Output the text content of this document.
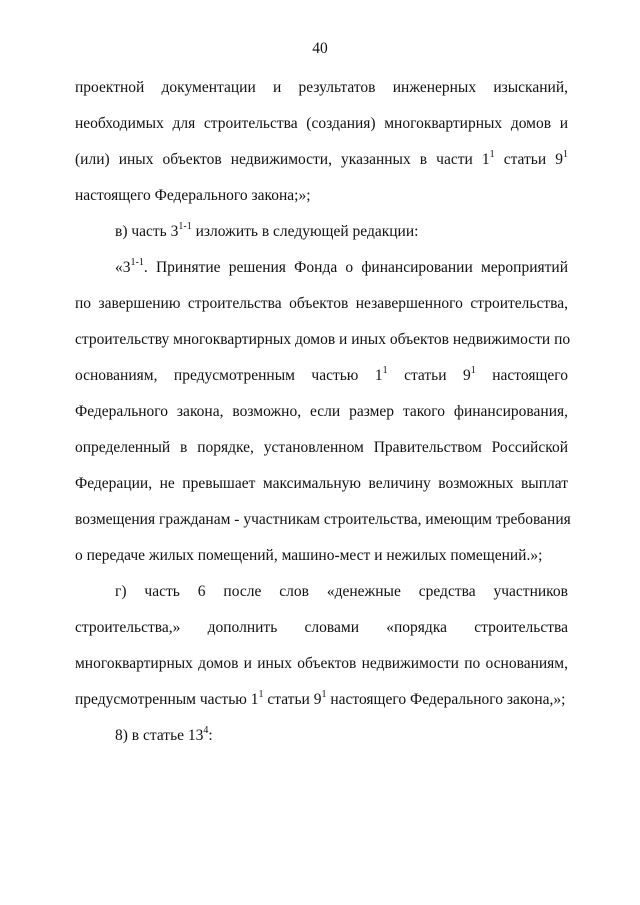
40
проектной документации и результатов инженерных изысканий,
необходимых для строительства (создания) многоквартирных домов и
(или) иных объектов недвижимости, указанных в части $1^1$ статьи $9^1$
настоящего Федерального закона;»;
в) часть 3$^{1-1}$ изложить в следующей редакции:
«3$^{1-1}$. Принятие решения Фонда о финансировании мероприятий
по завершению строительства объектов незавершенного строительства,
строительству многоквартирных домов и иных объектов недвижимости по
основаниям, предусмотренным частью $1^1$ статьи $9^1$ настоящего
Федерального закона, возможно, если размер такого финансирования,
определенный в порядке, установленном Правительством Российской
Федерации, не превышает максимальную величину возможных выплат
возмещения гражданам - участникам строительства, имеющим требования
о передаче жилых помещений, машино-мест и нежилых помещений.»;
г) часть 6 после слов «денежные средства участников
строительства,» дополнить словами «порядка строительства
многоквартирных домов и иных объектов недвижимости по основаниям,
предусмотренным частью $1^1$ статьи $9^1$ настоящего Федерального закона,»;
8) в статье $13^4$:
